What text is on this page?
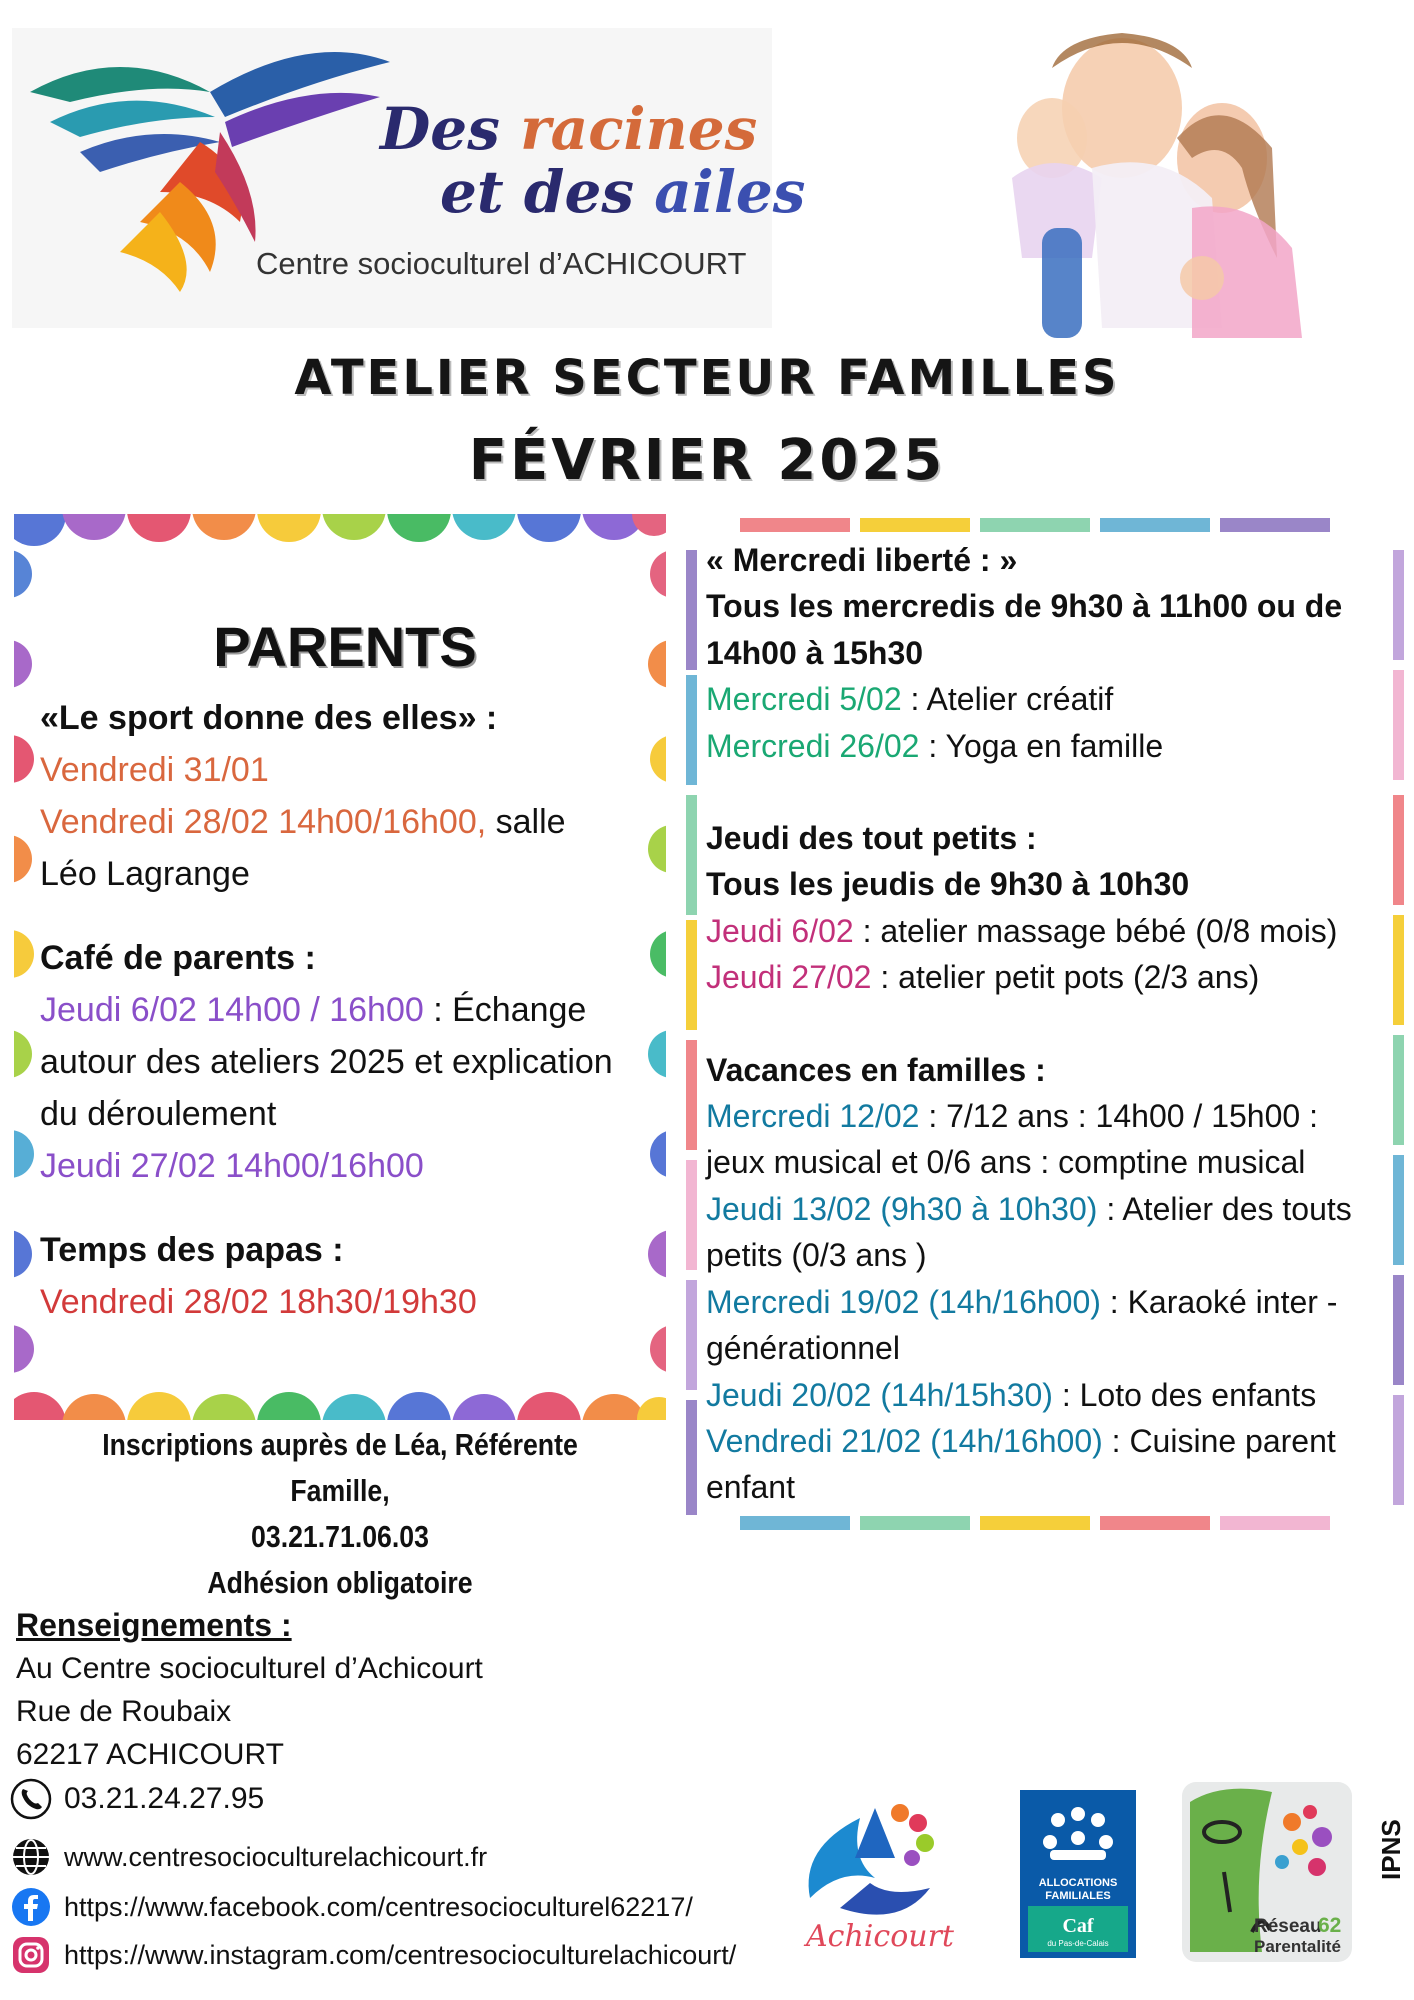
Des racines
et des ailes
Centre socioculturel d’ACHICOURT
ATELIER SECTEUR FAMILLES
FÉVRIER 2025
PARENTS
«Le sport donne des elles» :
Vendredi 31/01
Vendredi 28/02 14h00/16h00, salle
Léo Lagrange
Café de parents :
Jeudi 6/02 14h00 / 16h00 : Échange
autour des ateliers 2025 et explication
du déroulement
Jeudi 27/02 14h00/16h00
Temps des papas :
Vendredi 28/02 18h30/19h30
Inscriptions auprès de Léa, Référente Famille,
03.21.71.06.03
Adhésion obligatoire
« Mercredi liberté : »
Tous les mercredis de 9h30 à 11h00 ou de
14h00 à 15h30
Mercredi 5/02 : Atelier créatif
Mercredi 26/02 : Yoga en famille
Jeudi des tout petits :
Tous les jeudis de 9h30 à 10h30
Jeudi 6/02 : atelier massage bébé (0/8 mois)
Jeudi 27/02 : atelier petit pots (2/3 ans)
Vacances en familles :
Mercredi 12/02 : 7/12 ans : 14h00 / 15h00 :
jeux musical et 0/6 ans : comptine musical
Jeudi 13/02 (9h30 à 10h30) : Atelier des touts
petits (0/3 ans )
Mercredi 19/02 (14h/16h00) : Karaoké inter -
générationnel
Jeudi 20/02 (14h/15h30) : Loto des enfants
Vendredi 21/02 (14h/16h00) : Cuisine parent
enfant
Renseignements :
Au Centre socioculturel d’Achicourt
Rue de Roubaix
62217 ACHICOURT
03.21.24.27.95
www.centresocioculturelachicourt.fr
https://www.facebook.com/centresocioculturel62217/
https://www.instagram.com/centresocioculturelachicourt/
Achicourt
ALLOCATIONS
FAMILIALES
Caf
du Pas-de-Calais
Réseau
62
Parentalité
IPNS
